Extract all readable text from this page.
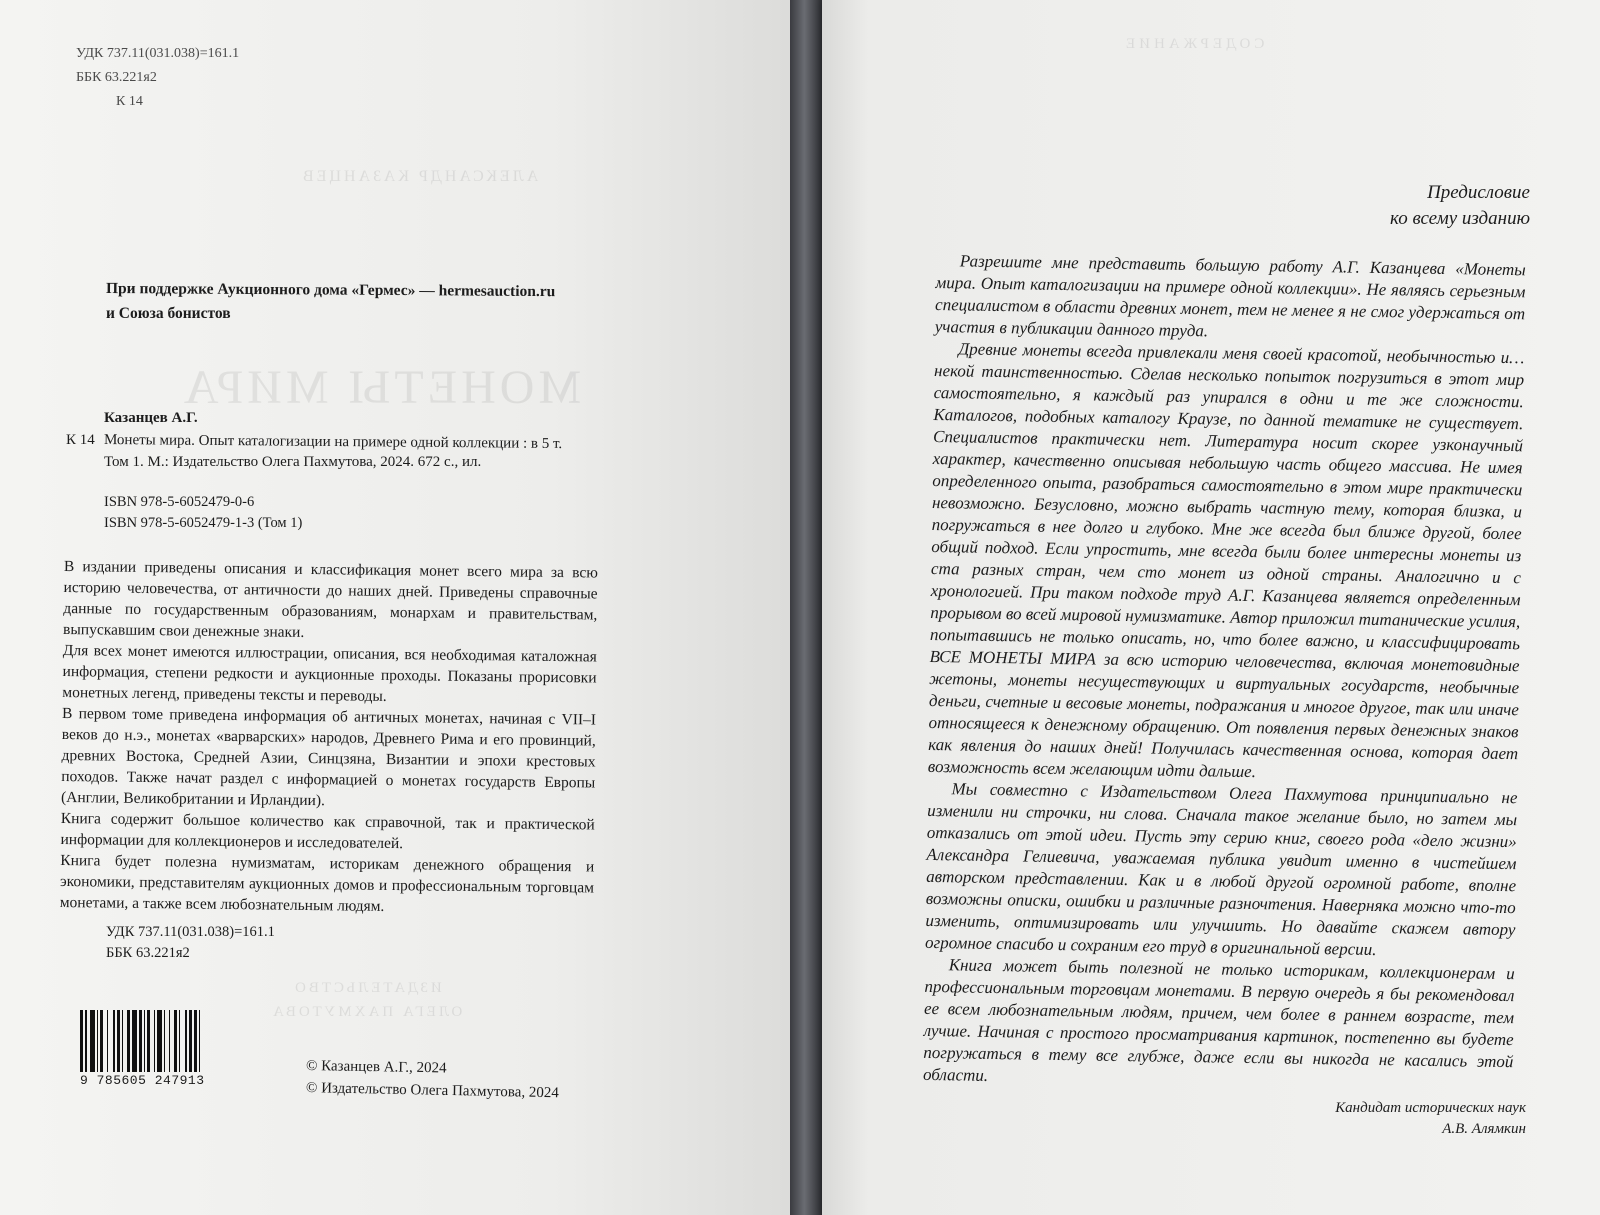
УДК 737.11(031.038)=161.1
ББК 63.221я2
К 14
АЛЕКСАНДР КАЗАНЦЕВ
МОНЕТЫ МИРА
При поддержке Аукционного дома «Гермес» — hermesauction.ru
и Союза бонистов
Казанцев А.Г.
К 14 Монеты мира. Опыт каталогизации на примере одной коллекции : в 5 т.
Том 1. М.: Издательство Олега Пахмутова, 2024. 672 с., ил.
ISBN 978-5-6052479-0-6
ISBN 978-5-6052479-1-3 (Том 1)
В издании приведены описания и классификация монет всего мира за всю историю человечества, от античности до наших дней. Приведены справочные данные по государственным образованиям, монархам и правительствам, выпускавшим свои денежные знаки.
Для всех монет имеются иллюстрации, описания, вся необходимая каталожная информация, степени редкости и аукционные проходы. Показаны прорисовки монетных легенд, приведены тексты и переводы.
В первом томе приведена информация об античных монетах, начиная с VII–I веков до н.э., монетах «варварских» народов, Древнего Рима и его провинций, древних Востока, Средней Азии, Синцзяна, Византии и эпохи крестовых походов. Также начат раздел с информацией о монетах государств Европы (Англии, Великобритании и Ирландии).
Книга содержит большое количество как справочной, так и практической информации для коллекционеров и исследователей.
Книга будет полезна нумизматам, историкам денежного обращения и экономики, представителям аукционных домов и профессиональным торговцам монетами, а также всем любознательным людям.
УДК 737.11(031.038)=161.1
ББК 63.221я2
9 785605 247913
ИЗДАТЕЛЬСТВО
ОЛЕГА ПАХМУТОВА
© Казанцев А.Г., 2024
© Издательство Олега Пахмутова, 2024
СОДЕРЖАНИЕ
Предисловие
ко всему изданию

Разрешите мне представить большую работу А.Г. Казанцева «Монеты мира. Опыт каталогизации на примере одной коллекции». Не являясь серьезным специалистом в области древних монет, тем не менее я не смог удержаться от участия в публикации данного труда.

Древние монеты всегда привлекали меня своей красотой, необычностью и… некой таинственностью. Сделав несколько попыток погрузиться в этот мир самостоятельно, я каждый раз упирался в одни и те же сложности. Каталогов, подобных каталогу Краузе, по данной тематике не существует. Специалистов практически нет. Литература носит скорее узконаучный характер, качественно описывая небольшую часть общего массива. Не имея определенного опыта, разобраться самостоятельно в этом мире практически невозможно. Безусловно, можно выбрать частную тему, которая близка, и погружаться в нее долго и глубоко. Мне же всегда был ближе другой, более общий подход. Если упростить, мне всегда были более интересны монеты из ста разных стран, чем сто монет из одной страны. Аналогично и с хронологией. При таком подходе труд А.Г. Казанцева является определенным прорывом во всей мировой нумизматике. Автор приложил титанические усилия, попытавшись не только описать, но, что более важно, и классифицировать ВСЕ МОНЕТЫ МИРА за всю историю человечества, включая монетовидные жетоны, монеты несуществующих и виртуальных государств, необычные деньги, счетные и весовые монеты, подражания и многое другое, так или иначе относящееся к денежному обращению. От появления первых денежных знаков как явления до наших дней! Получилась качественная основа, которая дает возможность всем желающим идти дальше.

Мы совместно с Издательством Олега Пахмутова принципиально не изменили ни строчки, ни слова. Сначала такое желание было, но затем мы отказались от этой идеи. Пусть эту серию книг, своего рода «дело жизни» Александра Гелиевича, уважаемая публика увидит именно в чистейшем авторском представлении. Как и в любой другой огромной работе, вполне возможны описки, ошибки и различные разночтения. Наверняка можно что-то изменить, оптимизировать или улучшить. Но давайте скажем автору огромное спасибо и сохраним его труд в оригинальной версии.

Книга может быть полезной не только историкам, коллекционерам и профессиональным торговцам монетами. В первую очередь я бы рекомендовал ее всем любознательным людям, причем, чем более в раннем возрасте, тем лучше. Начиная с простого просматривания картинок, постепенно вы будете погружаться в тему все глубже, даже если вы никогда не касались этой области.

Кандидат исторических наук
А.В. Алямкин
